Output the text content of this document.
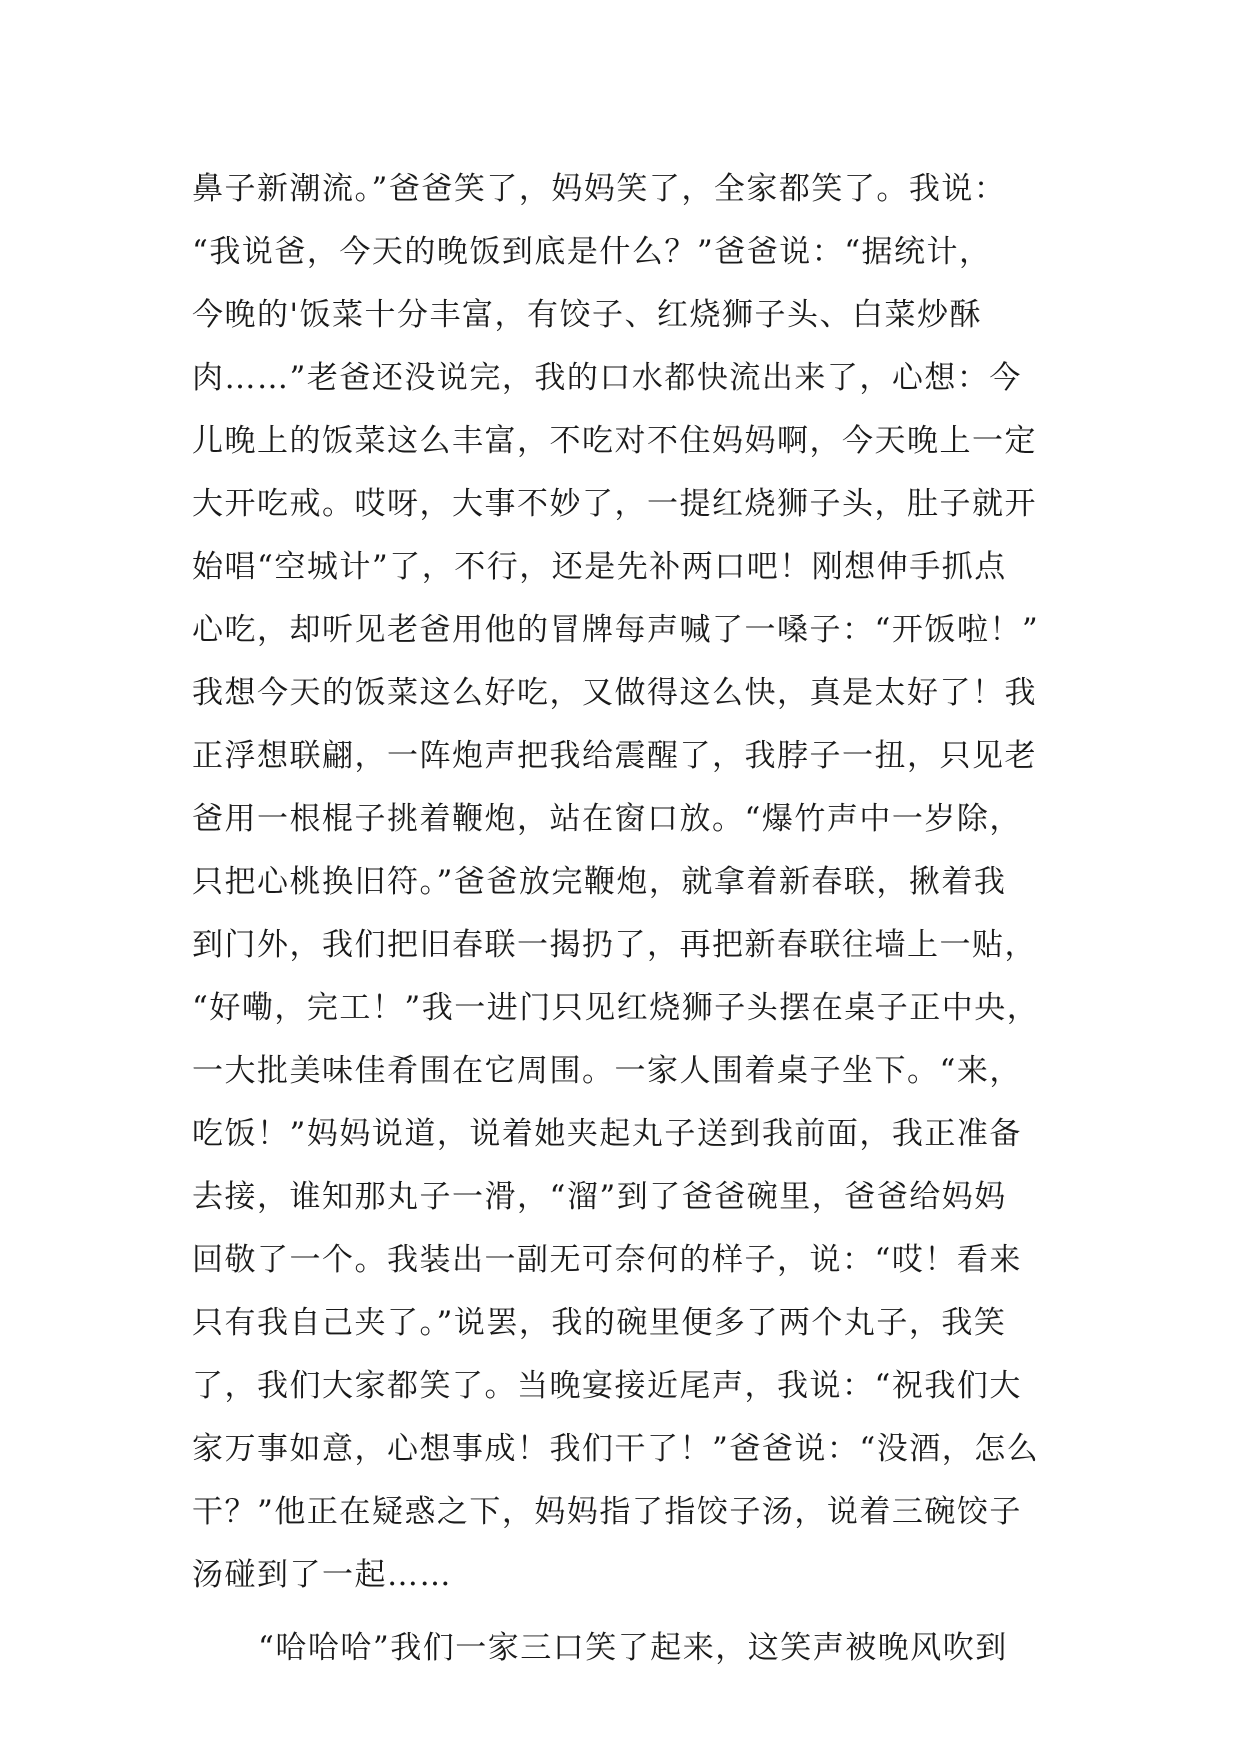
鼻子新潮流。”爸爸笑了，妈妈笑了，全家都笑了。我说：
“我说爸，今天的晚饭到底是什么？”爸爸说：“据统计，
今晚的'饭菜十分丰富，有饺子、红烧狮子头、白菜炒酥
肉……”老爸还没说完，我的口水都快流出来了，心想：今
儿晚上的饭菜这么丰富，不吃对不住妈妈啊，今天晚上一定
大开吃戒。哎呀，大事不妙了，一提红烧狮子头，肚子就开
始唱“空城计”了，不行，还是先补两口吧！刚想伸手抓点
心吃，却听见老爸用他的冒牌每声喊了一嗓子：“开饭啦！”
我想今天的饭菜这么好吃，又做得这么快，真是太好了！我
正浮想联翩，一阵炮声把我给震醒了，我脖子一扭，只见老
爸用一根棍子挑着鞭炮，站在窗口放。“爆竹声中一岁除，
只把心桃换旧符。”爸爸放完鞭炮，就拿着新春联，揪着我
到门外，我们把旧春联一揭扔了，再把新春联往墙上一贴，
“好嘞，完工！”我一进门只见红烧狮子头摆在桌子正中央，
一大批美味佳肴围在它周围。一家人围着桌子坐下。“来，
吃饭！”妈妈说道，说着她夹起丸子送到我前面，我正准备
去接，谁知那丸子一滑，“溜”到了爸爸碗里，爸爸给妈妈
回敬了一个。我装出一副无可奈何的样子，说：“哎！看来
只有我自己夹了。”说罢，我的碗里便多了两个丸子，我笑
了，我们大家都笑了。当晚宴接近尾声，我说：“祝我们大
家万事如意，心想事成！我们干了！”爸爸说：“没酒，怎么
干？”他正在疑惑之下，妈妈指了指饺子汤，说着三碗饺子
汤碰到了一起……
“哈哈哈”我们一家三口笑了起来，这笑声被晚风吹到
